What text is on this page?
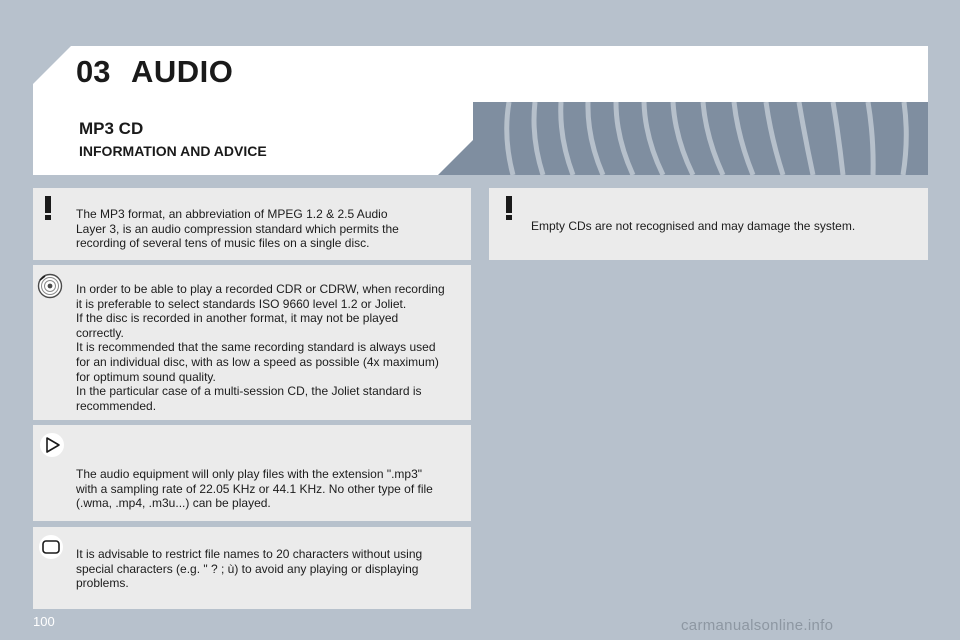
03 AUDIO
MP3 CD
INFORMATION AND ADVICE
The MP3 format, an abbreviation of MPEG 1.2 & 2.5 Audio
Layer 3, is an audio compression standard which permits the
recording of several tens of music files on a single disc.
In order to be able to play a recorded CDR or CDRW, when recording
it is preferable to select standards ISO 9660 level 1.2 or Joliet.
If the disc is recorded in another format, it may not be played
correctly.
It is recommended that the same recording standard is always used
for an individual disc, with as low a speed as possible (4x maximum)
for optimum sound quality.
In the particular case of a multi-session CD, the Joliet standard is
recommended.
The audio equipment will only play files with the extension ".mp3"
with a sampling rate of 22.05 KHz or 44.1 KHz. No other type of file
(.wma, .mp4, .m3u...) can be played.
It is advisable to restrict file names to 20 characters without using
special characters (e.g. " ? ; ù) to avoid any playing or displaying
problems.
Empty CDs are not recognised and may damage the system.
100	carmanualsonline.info
